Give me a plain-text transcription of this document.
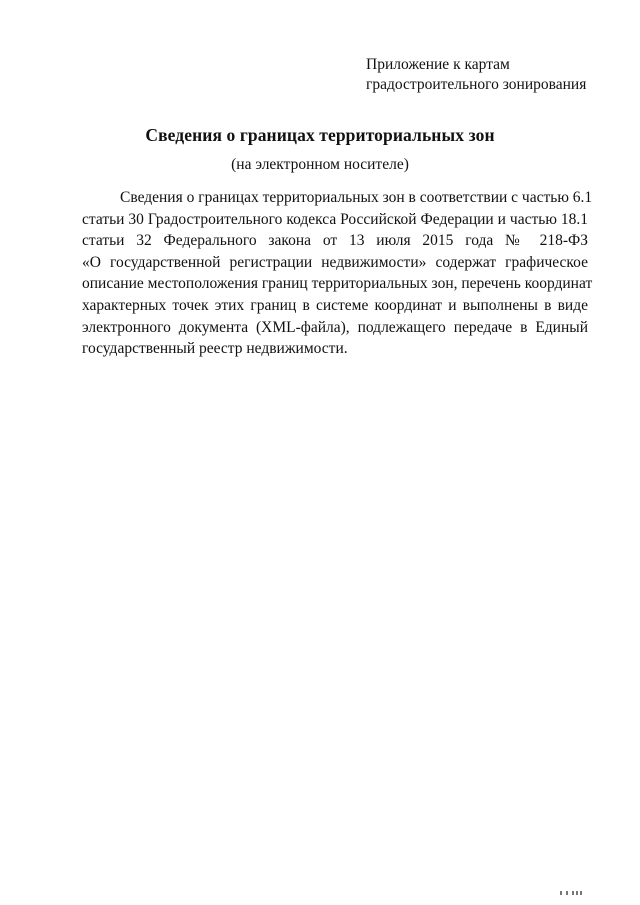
Приложение к картам
градостроительного зонирования
Сведения о границах территориальных зон
(на электронном носителе)
Сведения о границах территориальных зон в соответствии с частью 6.1
статьи 30 Градостроительного кодекса Российской Федерации и частью 18.1
статьи 32 Федерального закона от 13 июля 2015 года № 218-ФЗ
«О государственной регистрации недвижимости» содержат графическое
описание местоположения границ территориальных зон, перечень координат
характерных точек этих границ в системе координат и выполнены в виде
электронного документа (XML-файла), подлежащего передаче в Единый
государственный реестр недвижимости.
